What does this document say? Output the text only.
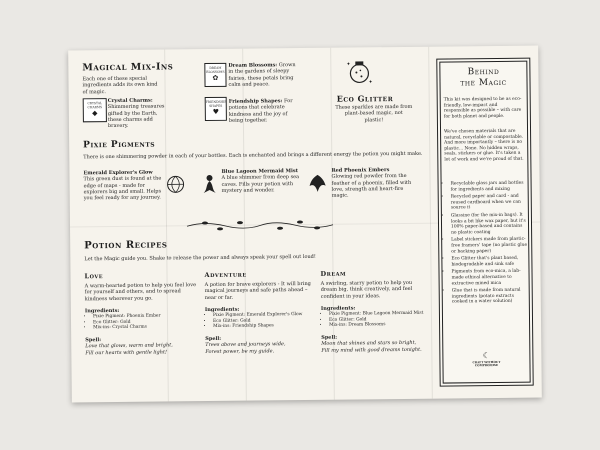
Magical Mix-Ins
Each one of these special ingredients adds its own kind of magic.
CRYSTAL CHARMS
◆
Crystal Charms: Shimmering treasures gifted by the Earth, these charms add bravery.
DREAM BLOSSOMS
✿
Dream Blossoms: Grown in the gardens of sleepy fairies, these petals bring calm and peace.
FRIENDSHIP SHAPES
♥
Friendship Shapes: For potions that celebrate kindness and the joy of being together.
✦
✦
Eco Glitter
These sparkles are made from plant-based magic, not plastic!
Pixie Pigments
There is one shimmering powder in each of your bottles. Each is enchanted and brings a different energy the potion you might make.
Emerald Explorer's Glow
This green dust is found at the edge of maps - made for explorers big and small. Helps you feel ready for any journey.
Blue Lagoon Mermaid Mist
A blue shimmer from deep sea caves. Fills your potion with mystery and wonder.
Red Phoenix Embers
Glowing red powder from the feather of a phoenix, filled with love, strength and heart-fire magic.
Potion Recipes
Let the Magic guide you. Shake to release the power and always speak your spell out loud!
Love
A warm-hearted potion to help you feel love for yourself and others, and to spread kindness wherever you go.
Ingredients:
• Pixie Pigment: Phoenix Ember
• Eco Glitter: Gold
• Mix-ins: Crystal Charms
Spell:
Love that glows, warm and bright,
Fill our hearts with gentle light!
Adventure
A potion for brave explorers - It will bring magical journeys and safe paths ahead – near or far.
Ingredients:
• Pixie Pigment: Emerald Explorer's Glow
• Eco Glitter: Gold
• Mix-ins: Friendship Shapes
Spell:
Trees above and journeys wide,
Forest power, be my guide.
Dream
A swirling, starry potion to help you dream big, think creatively, and feel confident in your ideas.
Ingredients:
• Pixie Pigment: Blue Lagoon Mermaid Mist
• Eco Glitter: Gold
• Mix-ins: Dream Blossoms
Spell:
Moon that shines and stars so bright,
Fill my mind with good dreams tonight.
Behind
the Magic
This kit was designed to be as eco-friendly, low-impact and responsible as possible – with care for both planet and people.
We've chosen materials that are natural, recyclable or compostable. And more importantly – there is no plastic... None. No hidden wraps, seals, stickers or glue. It's taken a lot of work and we're proud of that.
• Recyclable glass jars and bottles for ingredients and mixing
• Recycled paper and card - and reused cardboard when we can source it
• Glassine (for the mix-in bags). It looks a bit like wax paper, but it's 100% paper-based and contains no plastic coating
• Label stickers made from plastic-free framers' tape (no plastic glue or backing paper)
• Eco Glitter that's plant based, biodegradable and sink safe
• Pigments from eco-mica, a lab-made ethical alternative to extractive mined mica
• Glue that is made from natural ingredients (potato extracts cooked in a water solution)
☾
CRAFT WITHOUT COMPROMISE
